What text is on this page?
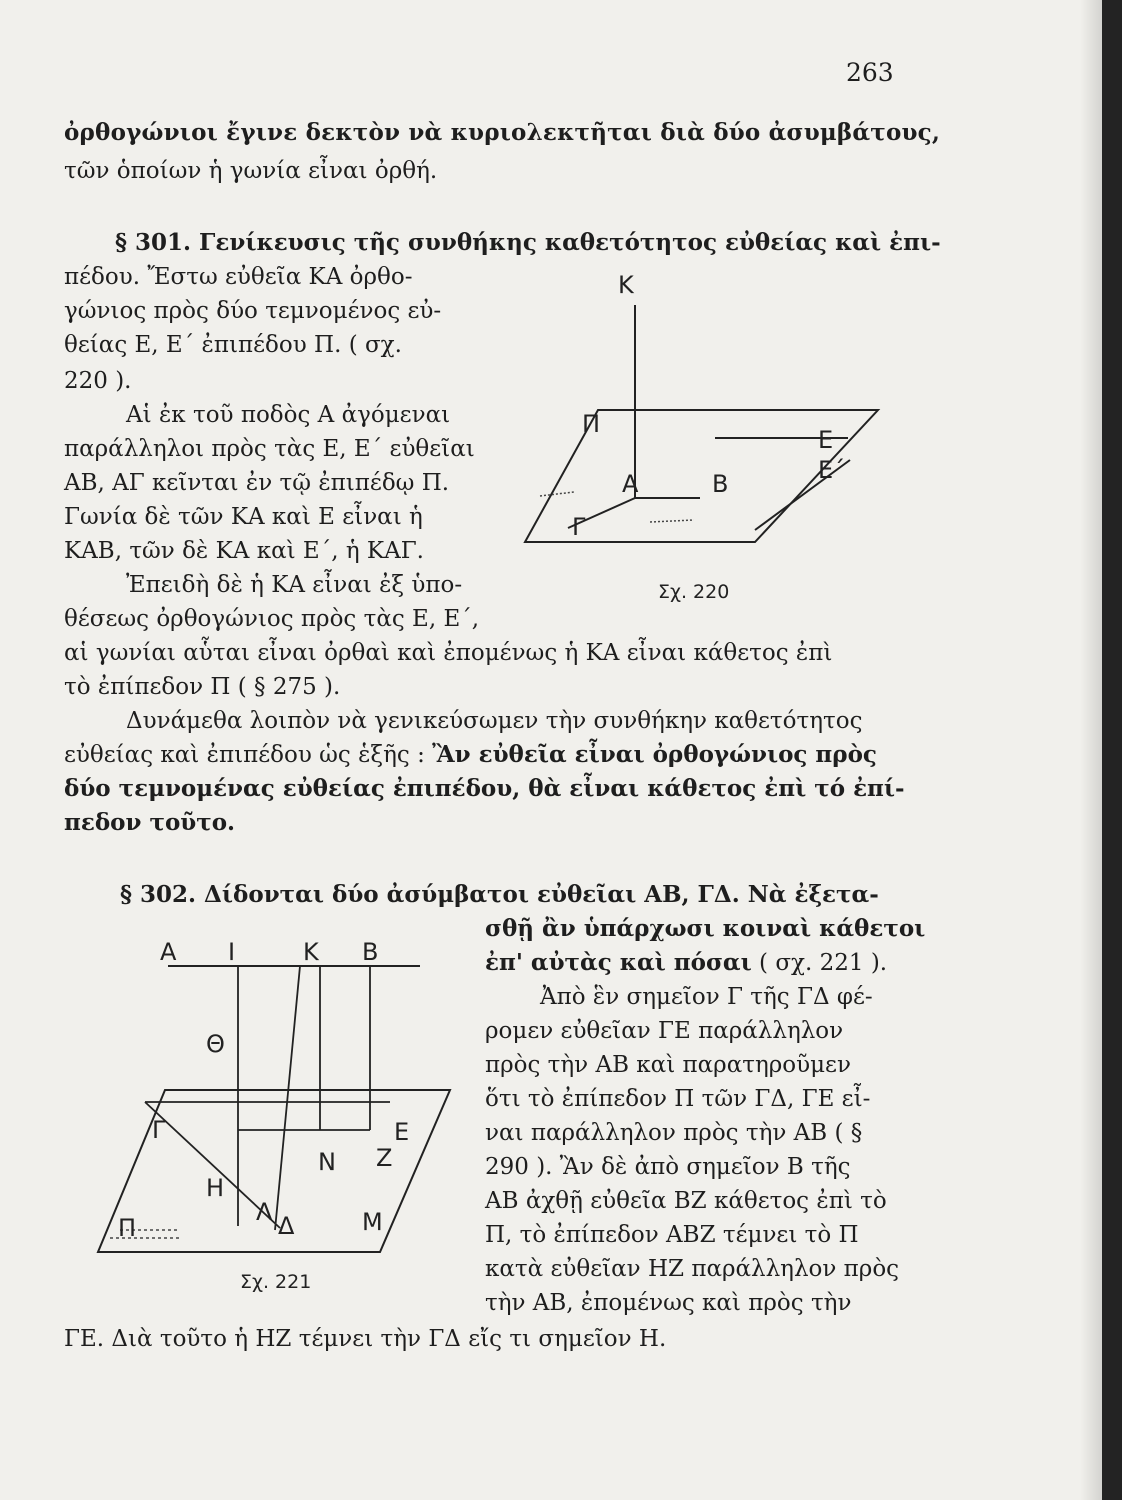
263
ὀρθογώνιοι ἔγινε δεκτὸν νὰ κυριολεκτῆται διὰ δύο ἀσυμβάτους,
τῶν ὁποίων ἡ γωνία εἶναι ὀρθή.
§ 301. Γενίκευσις τῆς συνθήκης καθετότητος εὐθείας καὶ ἐπι-
πέδου. Ἔστω εὐθεῖα ΚΑ ὀρθο-
γώνιος πρὸς δύο τεμνομένος εὐ-
θείας Ε, Ε΄ ἐπιπέδου Π. ( σχ.
220 ).
Αἱ ἐκ τοῦ ποδὸς Α ἀγόμεναι
παράλληλοι πρὸς τὰς Ε, Ε΄ εὐθεῖαι
ΑΒ, ΑΓ κεῖνται ἐν τῷ ἐπιπέδῳ Π.
Γωνία δὲ τῶν ΚΑ καὶ Ε εἶναι ἡ
ΚΑΒ, τῶν δὲ ΚΑ καὶ Ε΄, ἡ ΚΑΓ.
Ἐπειδὴ δὲ ἡ ΚΑ εἶναι ἐξ ὑπο-
θέσεως ὀρθογώνιος πρὸς τὰς Ε, Ε΄,
αἱ γωνίαι αὗται εἶναι ὀρθαὶ καὶ ἐπομένως ἡ ΚΑ εἶναι κάθετος ἐπὶ
τὸ ἐπίπεδον Π ( § 275 ).
Δυνάμεθα λοιπὸν νὰ γενικεύσωμεν τὴν συνθήκην καθετότητος
εὐθείας καὶ ἐπιπέδου ὡς ἑξῆς : Ἂν εὐθεῖα εἶναι ὀρθογώνιος πρὸς
δύο τεμνομένας εὐθείας ἐπιπέδου, θὰ εἶναι κάθετος ἐπὶ τό ἐπί-
πεδον τοῦτο.
§ 302. Δίδονται δύο ἀσύμβατοι εὐθεῖαι ΑΒ, ΓΔ. Νὰ ἐξετα-
σθῇ ἂν ὑπάρχωσι κοιναὶ κάθετοι
ἐπ' αὐτὰς καὶ πόσαι ( σχ. 221 ).
Ἀπὸ ἓν σημεῖον Γ τῆς ΓΔ φέ-
ρομεν εὐθεῖαν ΓΕ παράλληλον
πρὸς τὴν ΑΒ καὶ παρατηροῦμεν
ὅτι τὸ ἐπίπεδον Π τῶν ΓΔ, ΓΕ εἶ-
ναι παράλληλον πρὸς τὴν ΑΒ ( §
290 ). Ἂν δὲ ἀπὸ σημεῖον Β τῆς
ΑΒ ἀχθῇ εὐθεῖα ΒΖ κάθετος ἐπὶ τὸ
Π, τὸ ἐπίπεδον ΑΒΖ τέμνει τὸ Π
κατὰ εὐθεῖαν ΗΖ παράλληλον πρὸς
τὴν ΑΒ, ἐπομένως καὶ πρὸς τὴν
ΓΕ. Διὰ τοῦτο ἡ ΗΖ τέμνει τὴν ΓΔ εἴς τι σημεῖον Η.
Κ
Π
Ε
Ε΄
Α	Β
Γ
Σχ. 220
Α Ι	Κ Β
Θ
Γ	Ε
Ν Ζ
Η
Π
Λ Δ	Μ
Σχ. 221
